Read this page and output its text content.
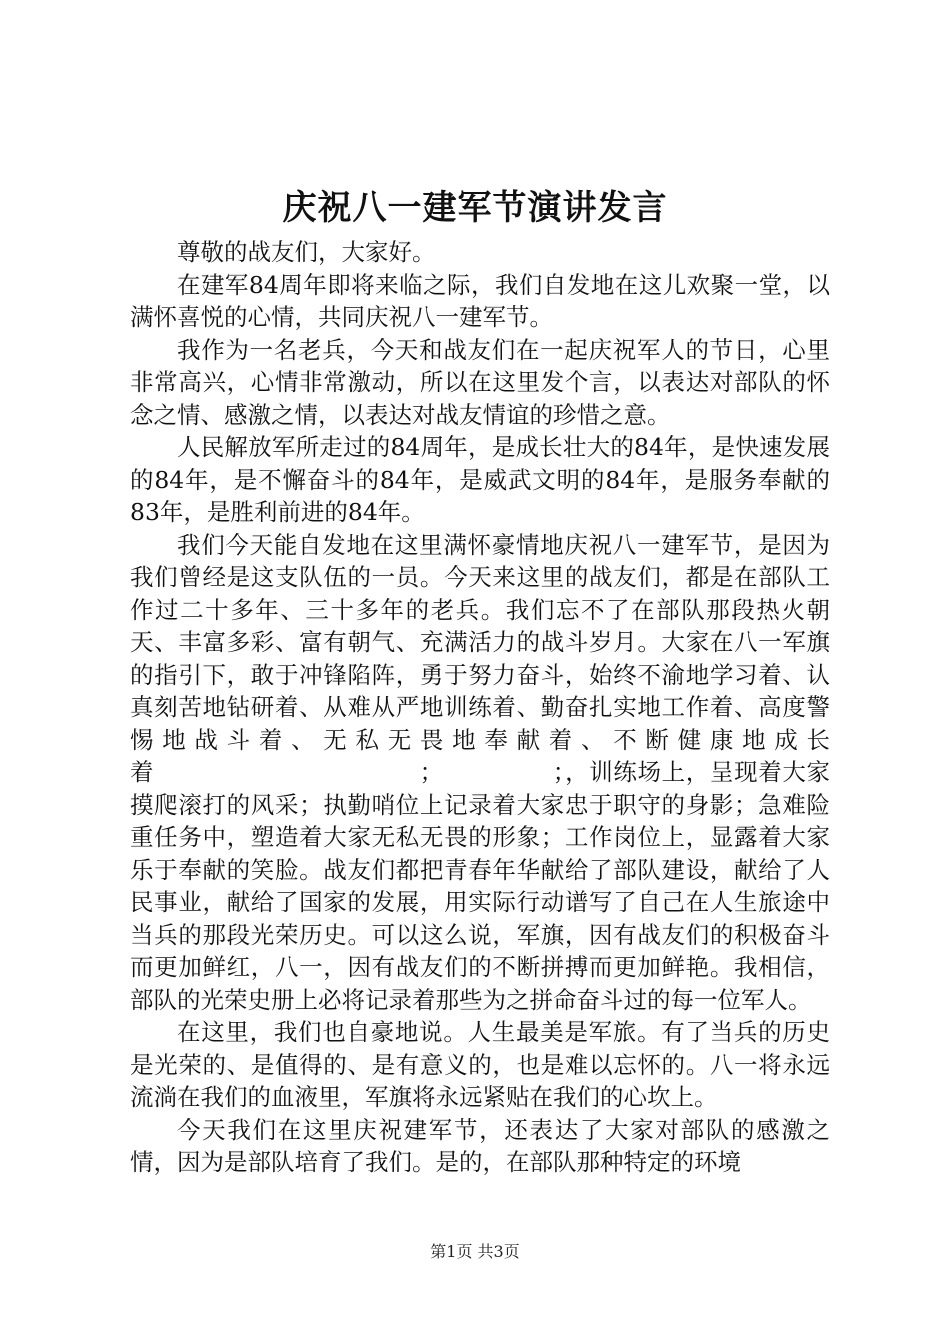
庆祝八一建军节演讲发言

尊敬的战友们，大家好。

在建军84周年即将来临之际，我们自发地在这儿欢聚一堂，以满怀喜悦的心情，共同庆祝八一建军节。

我作为一名老兵，今天和战友们在一起庆祝军人的节日，心里非常高兴，心情非常激动，所以在这里发个言，以表达对部队的怀念之情、感激之情，以表达对战友情谊的珍惜之意。

人民解放军所走过的84周年，是成长壮大的84年，是快速发展的84年，是不懈奋斗的84年，是威武文明的84年，是服务奉献的83年，是胜利前进的84年。

我们今天能自发地在这里满怀豪情地庆祝八一建军节，是因为我们曾经是这支队伍的一员。今天来这里的战友们，都是在部队工作过二十多年、三十多年的老兵。我们忘不了在部队那段热火朝天、丰富多彩、富有朝气、充满活力的战斗岁月。大家在八一军旗的指引下，敢于冲锋陷阵，勇于努力奋斗，始终不渝地学习着、认真刻苦地钻研着、从难从严地训练着、勤奋扎实地工作着、高度警惕地战斗着、无私无畏地奉献着、不断健康地成长着　　　　　　　　　　　；　　　　　；，训练场上，呈现着大家摸爬滚打的风采；执勤哨位上记录着大家忠于职守的身影；急难险重任务中，塑造着大家无私无畏的形象；工作岗位上，显露着大家乐于奉献的笑脸。战友们都把青春年华献给了部队建设，献给了人民事业，献给了国家的发展，用实际行动谱写了自己在人生旅途中当兵的那段光荣历史。可以这么说，军旗，因有战友们的积极奋斗而更加鲜红，八一，因有战友们的不断拼搏而更加鲜艳。我相信，部队的光荣史册上必将记录着那些为之拼命奋斗过的每一位军人。

在这里，我们也自豪地说。人生最美是军旅。有了当兵的历史是光荣的、是值得的、是有意义的，也是难以忘怀的。八一将永远流淌在我们的血液里，军旗将永远紧贴在我们的心坎上。

今天我们在这里庆祝建军节，还表达了大家对部队的感激之情，因为是部队培育了我们。是的，在部队那种特定的环境

第1页 共3页
